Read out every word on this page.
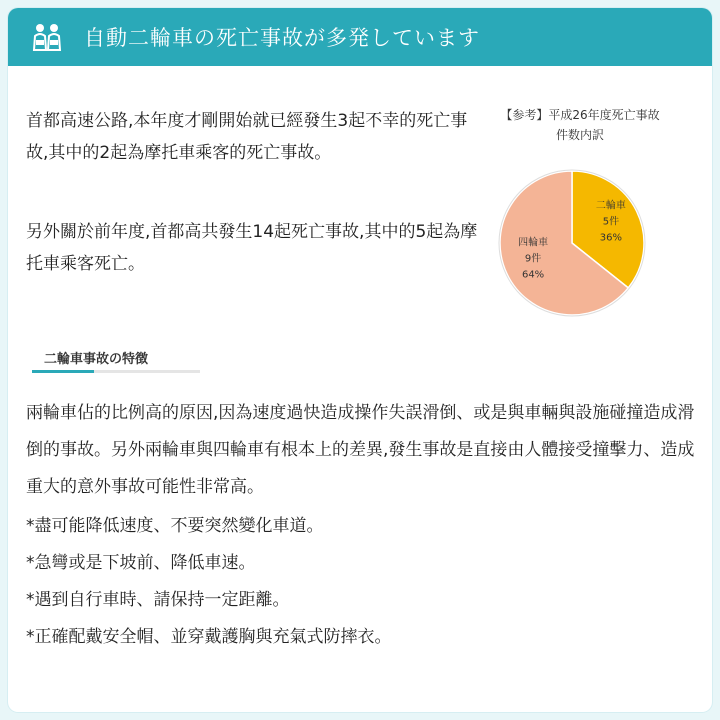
自動二輪車の死亡事故が多発しています

首都高速公路,本年度才剛開始就已經發生3起不幸的死亡事故,其中的2起為摩托車乘客的死亡事故。

另外關於前年度,首都高共發生14起死亡事故,其中的5起為摩托車乘客死亡。

【参考】平成26年度死亡事故
件数内訳
二輪車
5件
36%
四輪車
9件
64%
二輪車事故の特徴

兩輪車佔的比例高的原因,因為速度過快造成操作失誤滑倒、或是與車輛與設施碰撞造成滑倒的事故。另外兩輪車與四輪車有根本上的差異,發生事故是直接由人體接受撞擊力、造成重大的意外事故可能性非常高。

*盡可能降低速度、不要突然變化車道。
*急彎或是下坡前、降低車速。
*遇到自行車時、請保持一定距離。
*正確配戴安全帽、並穿戴護胸與充氣式防摔衣。
